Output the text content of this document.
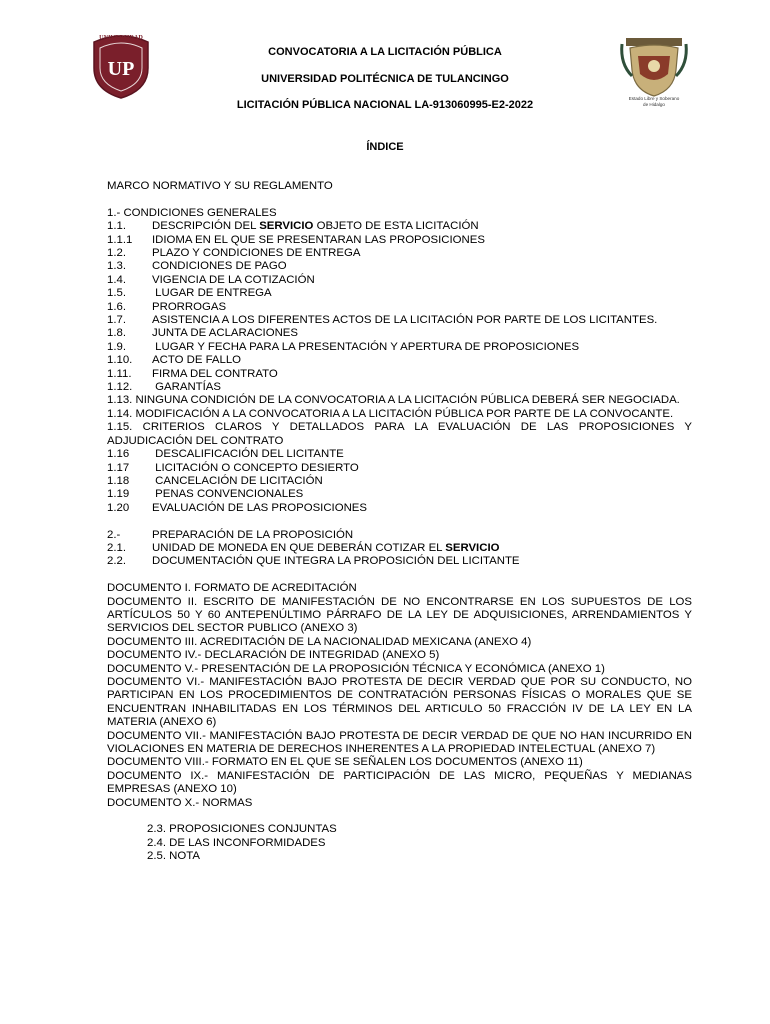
UNIVERSIDAD
UP
Estado Libre y Soberano
de Hidalgo
CONVOCATORIA A LA LICITACIÓN PÚBLICA
UNIVERSIDAD POLITÉCNICA DE TULANCINGO
LICITACIÓN PÚBLICA NACIONAL LA-913060995-E2-2022
ÍNDICE
MARCO NORMATIVO Y SU REGLAMENTO
1.- CONDICIONES GENERALES
1.1.	DESCRIPCIÓN DEL SERVICIO OBJETO DE ESTA LICITACIÓN
1.1.1	IDIOMA EN EL QUE SE PRESENTARAN LAS PROPOSICIONES
1.2.	PLAZO Y CONDICIONES DE ENTREGA
1.3.	CONDICIONES DE PAGO
1.4.	VIGENCIA DE LA COTIZACIÓN
1.5.	LUGAR DE ENTREGA
1.6.	PRORROGAS
1.7.	ASISTENCIA A LOS DIFERENTES ACTOS DE LA LICITACIÓN POR PARTE DE LOS LICITANTES.
1.8.	JUNTA DE ACLARACIONES
1.9.	LUGAR Y FECHA PARA LA PRESENTACIÓN Y APERTURA DE PROPOSICIONES
1.10.	ACTO DE FALLO
1.11.	FIRMA DEL CONTRATO
1.12.	GARANTÍAS
1.13. NINGUNA CONDICIÓN DE LA CONVOCATORIA A LA LICITACIÓN PÚBLICA DEBERÁ SER NEGOCIADA.
1.14. MODIFICACIÓN A LA CONVOCATORIA A LA LICITACIÓN PÚBLICA POR PARTE DE LA CONVOCANTE.
1.15. CRITERIOS CLAROS Y DETALLADOS PARA LA EVALUACIÓN DE LAS PROPOSICIONES Y ADJUDICACIÓN DEL CONTRATO
1.16	DESCALIFICACIÓN DEL LICITANTE
1.17	LICITACIÓN O CONCEPTO DESIERTO
1.18	CANCELACIÓN DE LICITACIÓN
1.19	PENAS CONVENCIONALES
1.20	EVALUACIÓN DE LAS PROPOSICIONES
2.-	PREPARACIÓN DE LA PROPOSICIÓN
2.1.	UNIDAD DE MONEDA EN QUE DEBERÁN COTIZAR EL SERVICIO
2.2.	DOCUMENTACIÓN QUE INTEGRA LA PROPOSICIÓN DEL LICITANTE
DOCUMENTO I. FORMATO DE ACREDITACIÓN
DOCUMENTO II. ESCRITO DE MANIFESTACIÓN DE NO ENCONTRARSE EN LOS SUPUESTOS DE LOS ARTÍCULOS 50 Y 60 ANTEPENÚLTIMO PÁRRAFO DE LA LEY DE ADQUISICIONES, ARRENDAMIENTOS Y SERVICIOS DEL SECTOR PUBLICO (ANEXO 3)
DOCUMENTO III. ACREDITACIÓN DE LA NACIONALIDAD MEXICANA (ANEXO 4)
DOCUMENTO IV.- DECLARACIÓN DE INTEGRIDAD (ANEXO 5)
DOCUMENTO V.- PRESENTACIÓN DE LA PROPOSICIÓN TÉCNICA Y ECONÓMICA (ANEXO 1)
DOCUMENTO VI.- MANIFESTACIÓN BAJO PROTESTA DE DECIR VERDAD QUE POR SU CONDUCTO, NO PARTICIPAN EN LOS PROCEDIMIENTOS DE CONTRATACIÓN PERSONAS FÍSICAS O MORALES QUE SE ENCUENTRAN INHABILITADAS EN LOS TÉRMINOS DEL ARTICULO 50 FRACCIÓN IV DE LA LEY EN LA MATERIA (ANEXO 6)
DOCUMENTO VII.- MANIFESTACIÓN BAJO PROTESTA DE DECIR VERDAD DE QUE NO HAN INCURRIDO EN VIOLACIONES EN MATERIA DE DERECHOS INHERENTES A LA PROPIEDAD INTELECTUAL (ANEXO 7)
DOCUMENTO VIII.- FORMATO EN EL QUE SE SEÑALEN LOS DOCUMENTOS (ANEXO 11)
DOCUMENTO IX.- MANIFESTACIÓN DE PARTICIPACIÓN DE LAS MICRO, PEQUEÑAS Y MEDIANAS EMPRESAS (ANEXO 10)
DOCUMENTO X.- NORMAS
2.3. PROPOSICIONES CONJUNTAS
2.4. DE LAS INCONFORMIDADES
2.5. NOTA
